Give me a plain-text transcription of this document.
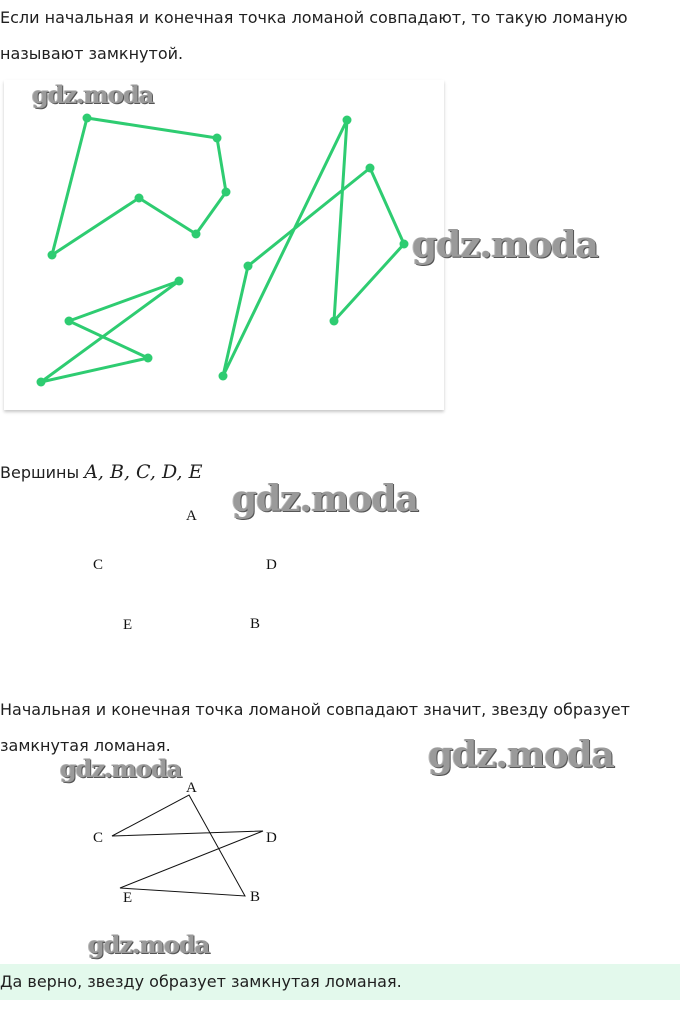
Если начальная и конечная точка ломаной совпадают, то такую ломаную
называют замкнутой.
gdz.moda
gdz.moda
gdz.moda
gdz.moda
gdz.moda
gdz.moda
Вершины A, B, C, D, E
A
C	D
E	B
Начальная и конечная точка ломаной совпадают значит, звезду образует
замкнутая ломаная.
A
C	D
E	B
Да верно, звезду образует замкнутая ломаная.
